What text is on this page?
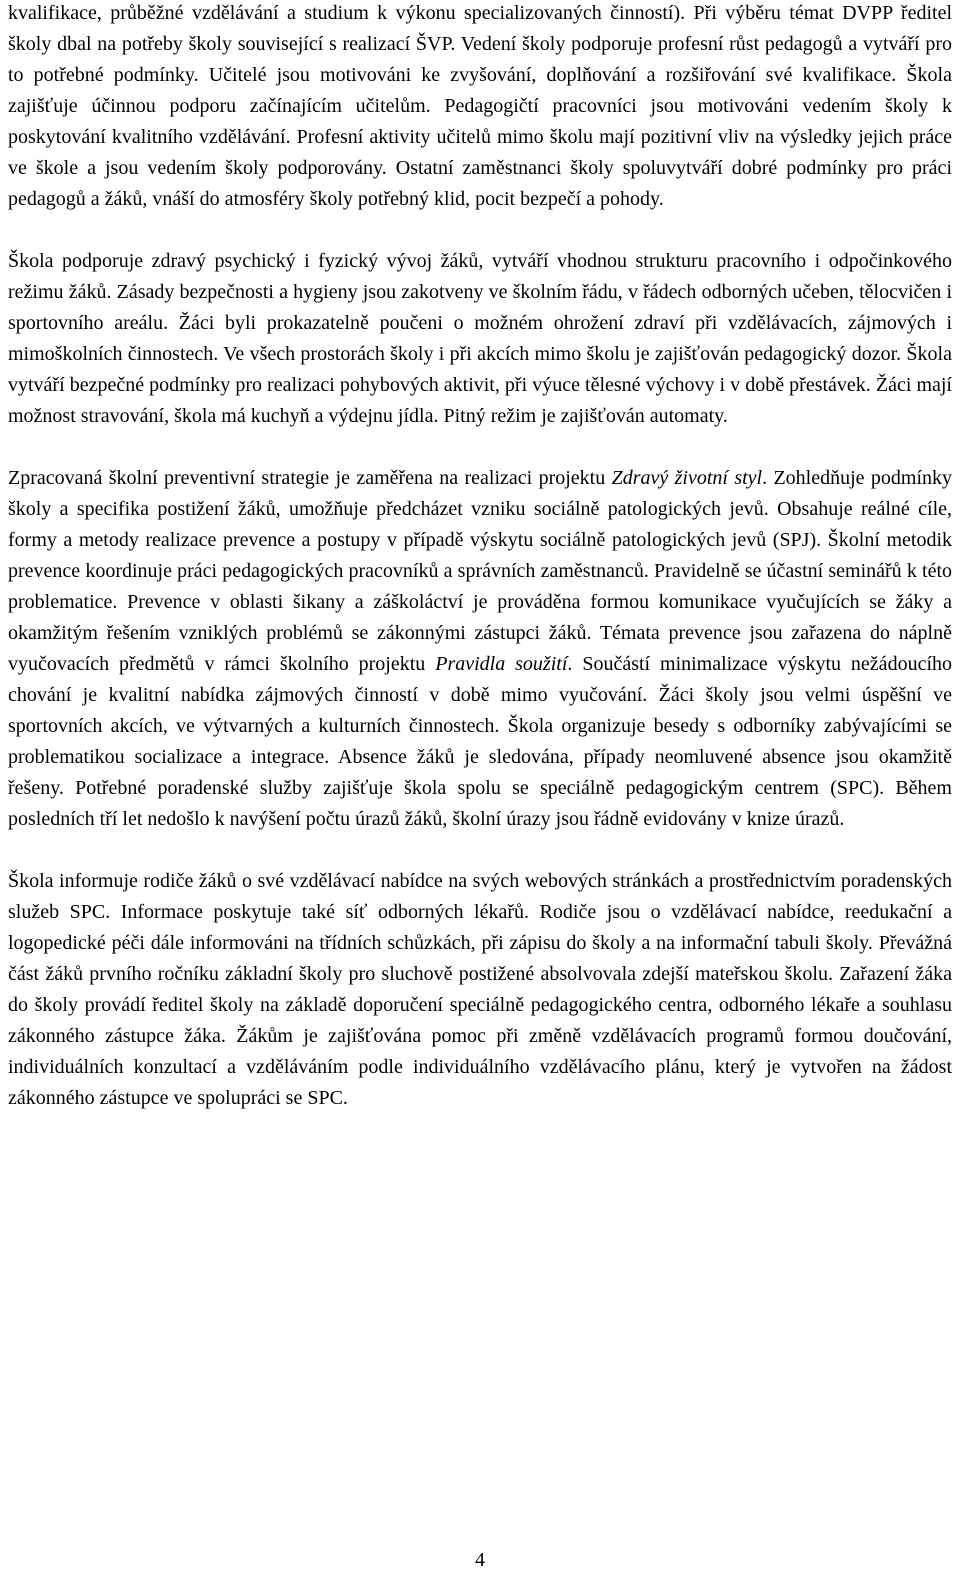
kvalifikace, průběžné vzdělávání a studium k výkonu specializovaných činností). Při výběru témat DVPP ředitel školy dbal na potřeby školy související s realizací ŠVP. Vedení školy podporuje profesní růst pedagogů a vytváří pro to potřebné podmínky. Učitelé jsou motivováni ke zvyšování, doplňování a rozšiřování své kvalifikace. Škola zajišťuje účinnou podporu začínajícím učitelům. Pedagogičtí pracovníci jsou motivováni vedením školy k poskytování kvalitního vzdělávání. Profesní aktivity učitelů mimo školu mají pozitivní vliv na výsledky jejich práce ve škole a jsou vedením školy podporovány. Ostatní zaměstnanci školy spoluvytváří dobré podmínky pro práci pedagogů a žáků, vnáší do atmosféry školy potřebný klid, pocit bezpečí a pohody.

Škola podporuje zdravý psychický i fyzický vývoj žáků, vytváří vhodnou strukturu pracovního i odpočinkového režimu žáků. Zásady bezpečnosti a hygieny jsou zakotveny ve školním řádu, v řádech odborných učeben, tělocvičen i sportovního areálu. Žáci byli prokazatelně poučeni o možném ohrožení zdraví při vzdělávacích, zájmových i mimoškolních činnostech. Ve všech prostorách školy i při akcích mimo školu je zajišťován pedagogický dozor. Škola vytváří bezpečné podmínky pro realizaci pohybových aktivit, při výuce tělesné výchovy i v době přestávek. Žáci mají možnost stravování, škola má kuchyň a výdejnu jídla. Pitný režim je zajišťován automaty.

Zpracovaná školní preventivní strategie je zaměřena na realizaci projektu Zdravý životní styl. Zohledňuje podmínky školy a specifika postižení žáků, umožňuje předcházet vzniku sociálně patologických jevů. Obsahuje reálné cíle, formy a metody realizace prevence a postupy v případě výskytu sociálně patologických jevů (SPJ). Školní metodik prevence koordinuje práci pedagogických pracovníků a správních zaměstnanců. Pravidelně se účastní seminářů k této problematice. Prevence v oblasti šikany a záškoláctví je prováděna formou komunikace vyučujících se žáky a okamžitým řešením vzniklých problémů se zákonnými zástupci žáků. Témata prevence jsou zařazena do náplně vyučovacích předmětů v rámci školního projektu Pravidla soužití. Součástí minimalizace výskytu nežádoucího chování je kvalitní nabídka zájmových činností v době mimo vyučování. Žáci školy jsou velmi úspěšní ve sportovních akcích, ve výtvarných a kulturních činnostech. Škola organizuje besedy s odborníky zabývajícími se problematikou socializace a integrace. Absence žáků je sledována, případy neomluvené absence jsou okamžitě řešeny. Potřebné poradenské služby zajišťuje škola spolu se speciálně pedagogickým centrem (SPC). Během posledních tří let nedošlo k navýšení počtu úrazů žáků, školní úrazy jsou řádně evidovány v knize úrazů.

Škola informuje rodiče žáků o své vzdělávací nabídce na svých webových stránkách a prostřednictvím poradenských služeb SPC. Informace poskytuje také síť odborných lékařů. Rodiče jsou o vzdělávací nabídce, reedukační a logopedické péči dále informováni na třídních schůzkách, při zápisu do školy a na informační tabuli školy. Převážná část žáků prvního ročníku základní školy pro sluchově postižené absolvovala zdejší mateřskou školu. Zařazení žáka do školy provádí ředitel školy na základě doporučení speciálně pedagogického centra, odborného lékaře a souhlasu zákonného zástupce žáka. Žákům je zajišťována pomoc při změně vzdělávacích programů formou doučování, individuálních konzultací a vzděláváním podle individuálního vzdělávacího plánu, který je vytvořen na žádost zákonného zástupce ve spolupráci se SPC.

4
